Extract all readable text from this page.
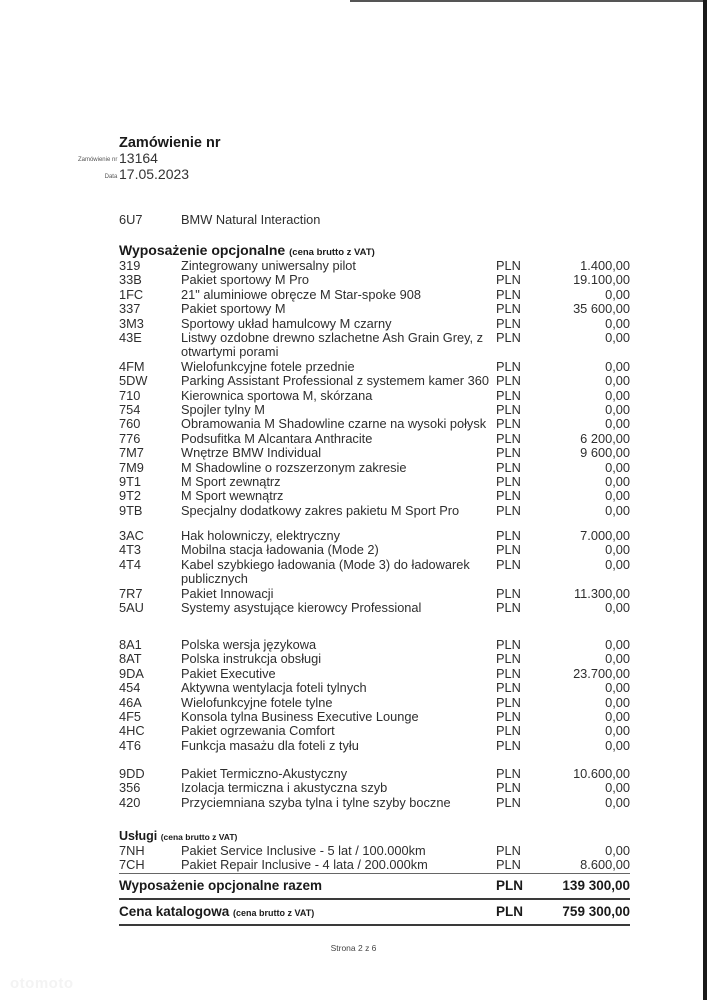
Zamówienie nr
Zamówienie nr 13164
Data 17.05.2023
6U7	BMW Natural Interaction
Wyposażenie opcjonalne (cena brutto z VAT)
319	Zintegrowany uniwersalny pilot	PLN	1.400,00
33B	Pakiet sportowy M Pro	PLN	19.100,00
1FC	21" aluminiowe obręcze M Star-spoke 908	PLN	0,00
337	Pakiet sportowy M	PLN	35 600,00
3M3	Sportowy układ hamulcowy M czarny	PLN	0,00
43E	Listwy ozdobne drewno szlachetne Ash Grain Grey, z	PLN	0,00
otwartymi porami
4FM	Wielofunkcyjne fotele przednie	PLN	0,00
5DW	Parking Assistant Professional z systemem kamer 360 PLN	0,00
710	Kierownica sportowa M, skórzana	PLN	0,00
754	Spojler tylny M	PLN	0,00
760	Obramowania M Shadowline czarne na wysoki połysk PLN	0,00
776	Podsufitka M Alcantara Anthracite	PLN	6 200,00
7M7	Wnętrze BMW Individual	PLN	9 600,00
7M9	M Shadowline o rozszerzonym zakresie	PLN	0,00
9T1	M Sport zewnątrz	PLN	0,00
9T2	M Sport wewnątrz	PLN	0,00
9TB	Specjalny dodatkowy zakres pakietu M Sport Pro	PLN	0,00
3AC	Hak holowniczy, elektryczny	PLN	7.000,00
4T3	Mobilna stacja ładowania (Mode 2)	PLN	0,00
4T4	Kabel szybkiego ładowania (Mode 3) do ładowarek	PLN	0,00
publicznych
7R7	Pakiet Innowacji	PLN	11.300,00
5AU	Systemy asystujące kierowcy Professional	PLN	0,00
8A1	Polska wersja językowa	PLN	0,00
8AT	Polska instrukcja obsługi	PLN	0,00
9DA	Pakiet Executive	PLN	23.700,00
454	Aktywna wentylacja foteli tylnych	PLN	0,00
46A	Wielofunkcyjne fotele tylne	PLN	0,00
4F5	Konsola tylna Business Executive Lounge	PLN	0,00
4HC	Pakiet ogrzewania Comfort	PLN	0,00
4T6	Funkcja masażu dla foteli z tyłu	PLN	0,00
9DD	Pakiet Termiczno-Akustyczny	PLN	10.600,00
356	Izolacja termiczna i akustyczna szyb	PLN	0,00
420	Przyciemniana szyba tylna i tylne szyby boczne	PLN	0,00
Usługi (cena brutto z VAT)
7NH	Pakiet Service Inclusive - 5 lat / 100.000km	PLN	0,00
7CH	Pakiet Repair Inclusive - 4 lata / 200.000km	PLN	8.600,00
Wyposażenie opcjonalne razem	PLN	139 300,00
Cena katalogowa (cena brutto z VAT)	PLN	759 300,00
Strona 2 z 6
otomoto
